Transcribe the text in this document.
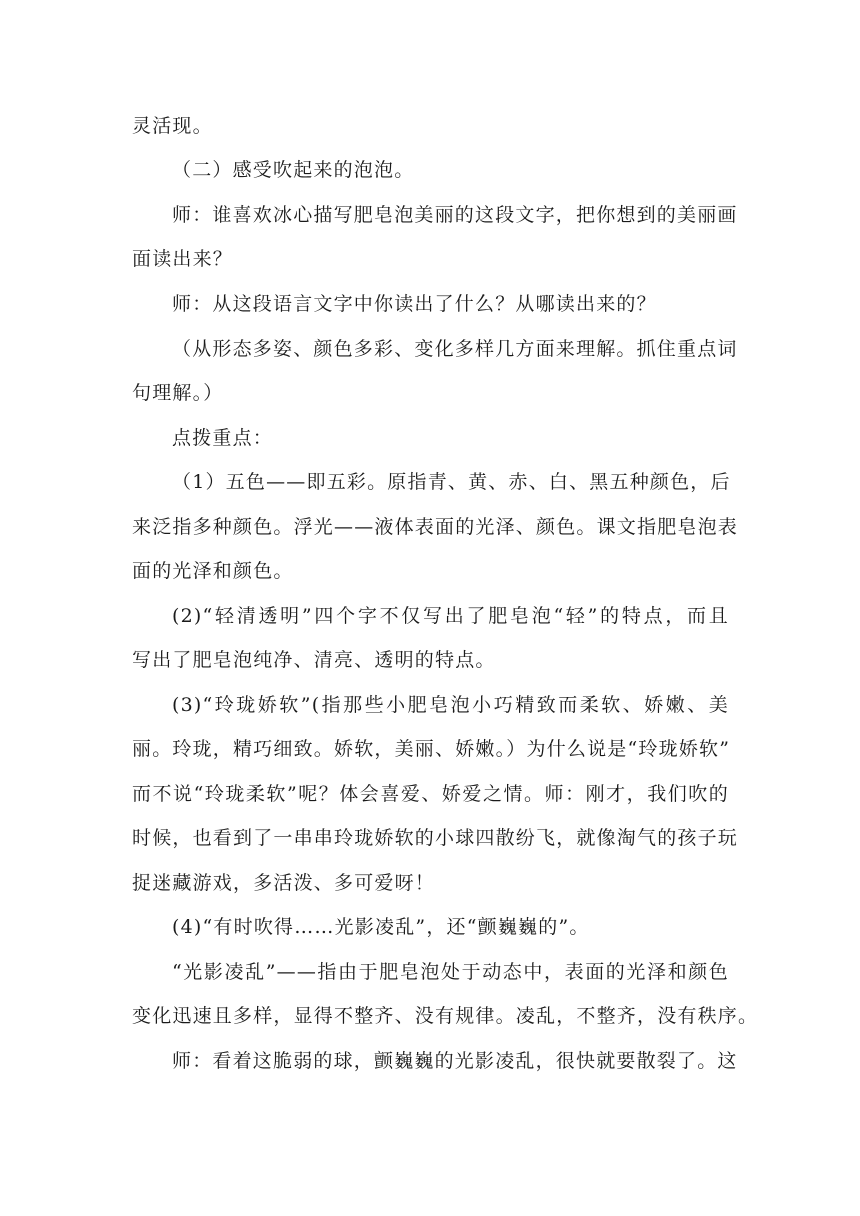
灵活现。
（二）感受吹起来的泡泡。
师：谁喜欢冰心描写肥皂泡美丽的这段文字，把你想到的美丽画
面读出来？
师：从这段语言文字中你读出了什么？从哪读出来的？
（从形态多姿、颜色多彩、变化多样几方面来理解。抓住重点词
句理解。）
点拨重点：
（1）五色——即五彩。原指青、黄、赤、白、黑五种颜色，后
来泛指多种颜色。浮光——液体表面的光泽、颜色。课文指肥皂泡表
面的光泽和颜色。
(2)“轻清透明”四个字不仅写出了肥皂泡“轻”的特点，而且
写出了肥皂泡纯净、清亮、透明的特点。
(3)“玲珑娇软”(指那些小肥皂泡小巧精致而柔软、娇嫩、美
丽。玲珑，精巧细致。娇软，美丽、娇嫩。）为什么说是“玲珑娇软”
而不说“玲珑柔软”呢？体会喜爱、娇爱之情。师：刚才，我们吹的
时候，也看到了一串串玲珑娇软的小球四散纷飞，就像淘气的孩子玩
捉迷藏游戏，多活泼、多可爱呀！
(4)“有时吹得……光影凌乱”，还“颤巍巍的”。
“光影凌乱”——指由于肥皂泡处于动态中，表面的光泽和颜色
变化迅速且多样，显得不整齐、没有规律。凌乱，不整齐，没有秩序。
师：看着这脆弱的球，颤巍巍的光影凌乱，很快就要散裂了。这
